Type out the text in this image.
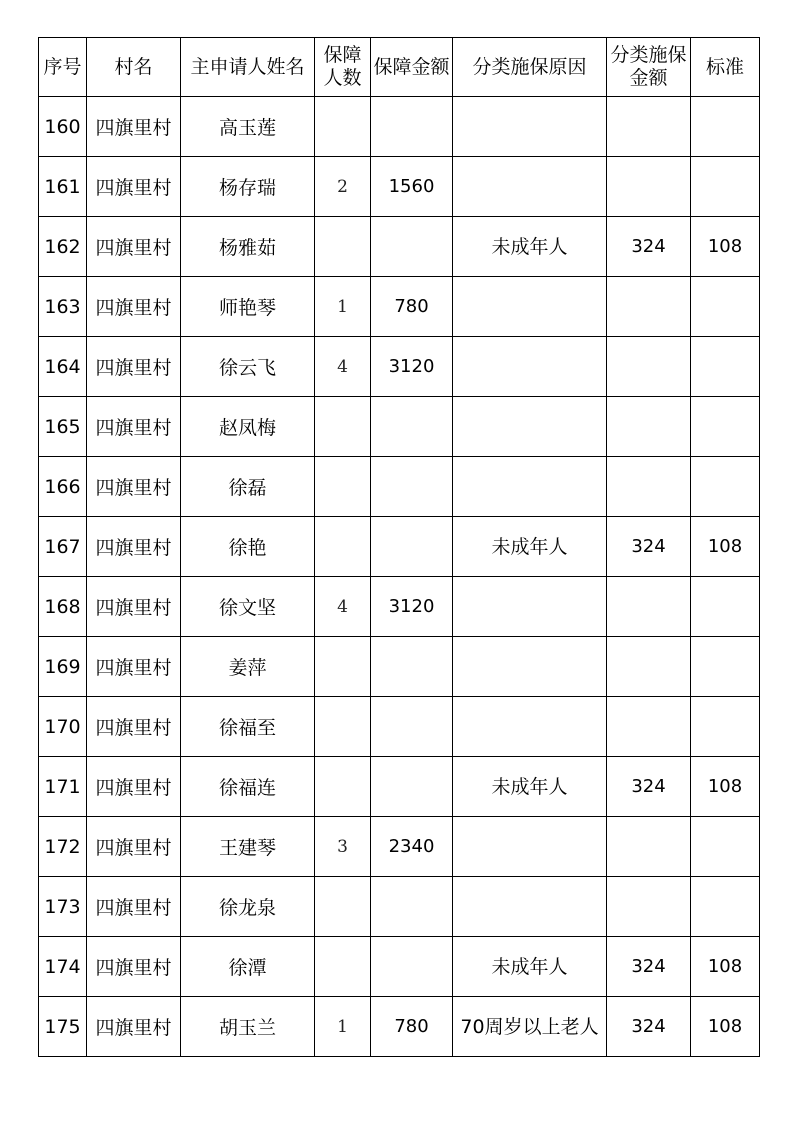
序号	村名	主申请人姓名	保障人数	保障金额	分类施保原因	分类施保金额	标准
160	四旗里村	高玉莲					
161	四旗里村	杨存瑞	2	1560			
162	四旗里村	杨雅茹			未成年人	324	108
163	四旗里村	师艳琴	1	780			
164	四旗里村	徐云飞	4	3120			
165	四旗里村	赵凤梅					
166	四旗里村	徐磊					
167	四旗里村	徐艳			未成年人	324	108
168	四旗里村	徐文坚	4	3120			
169	四旗里村	姜萍					
170	四旗里村	徐福至					
171	四旗里村	徐福连			未成年人	324	108
172	四旗里村	王建琴	3	2340			
173	四旗里村	徐龙泉					
174	四旗里村	徐潭			未成年人	324	108
175	四旗里村	胡玉兰	1	780	70周岁以上老人	324	108
